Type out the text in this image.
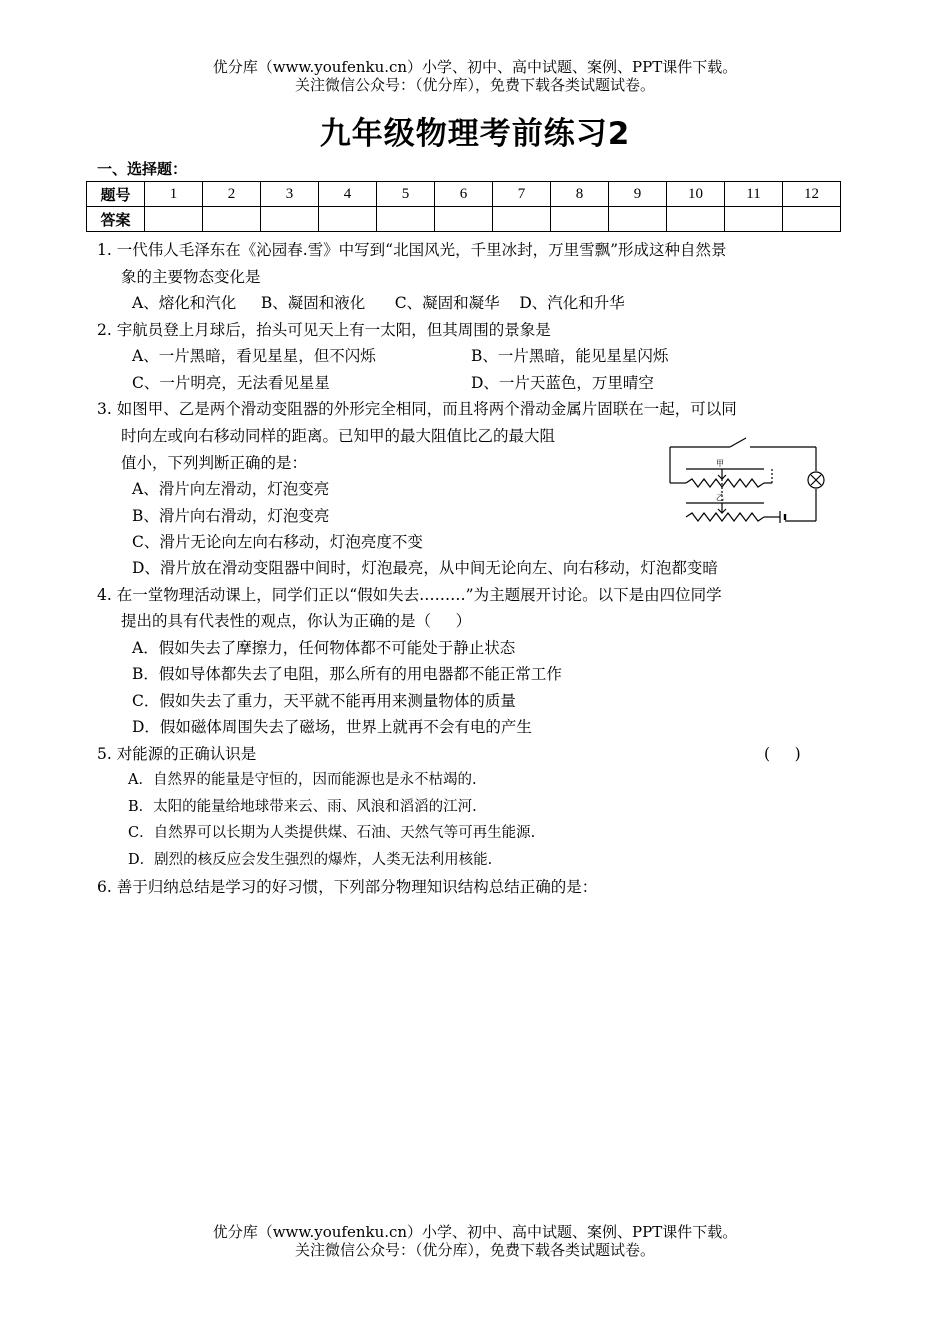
优分库（www.youfenku.cn）小学、初中、高中试题、案例、PPT课件下载。
关注微信公众号：（优分库），免费下载各类试题试卷。
九年级物理考前练习2
一、选择题：
题号	1	2	3	4	5	6	7	8	9	10	11	12
答案												
1. 一代伟人毛泽东在《沁园春.雪》中写到“北国风光，千里冰封，万里雪飘”形成这种自然景
象的主要物态变化是
A、熔化和汽化     B、凝固和液化      C、凝固和凝华    D、汽化和升华
2. 宇航员登上月球后，抬头可见天上有一太阳，但其周围的景象是
A、一片黑暗，看见星星，但不闪烁	B、一片黑暗，能见星星闪烁
C、一片明亮，无法看见星星	D、一片天蓝色，万里晴空
3. 如图甲、乙是两个滑动变阻器的外形完全相同，而且将两个滑动金属片固联在一起，可以同
时向左或向右移动同样的距离。已知甲的最大阻值比乙的最大阻
值小，下列判断正确的是：
A、滑片向左滑动，灯泡变亮
B、滑片向右滑动，灯泡变亮
C、滑片无论向左向右移动，灯泡亮度不变
D、滑片放在滑动变阻器中间时，灯泡最亮，从中间无论向左、向右移动，灯泡都变暗
甲
乙
4. 在一堂物理活动课上，同学们正以“假如失去………”为主题展开讨论。以下是由四位同学
提出的具有代表性的观点，你认为正确的是（     ）
A．假如失去了摩擦力，任何物体都不可能处于静止状态
B．假如导体都失去了电阻，那么所有的用电器都不能正常工作
C．假如失去了重力，天平就不能再用来测量物体的质量
D．假如磁体周围失去了磁场，世界上就再不会有电的产生
5. 对能源的正确认识是	(     )
A．自然界的能量是守恒的，因而能源也是永不枯竭的.
B．太阳的能量给地球带来云、雨、风浪和滔滔的江河.
C．自然界可以长期为人类提供煤、石油、天然气等可再生能源.
D．剧烈的核反应会发生强烈的爆炸，人类无法利用核能.
6. 善于归纳总结是学习的好习惯，下列部分物理知识结构总结正确的是：
优分库（www.youfenku.cn）小学、初中、高中试题、案例、PPT课件下载。
关注微信公众号：（优分库），免费下载各类试题试卷。
